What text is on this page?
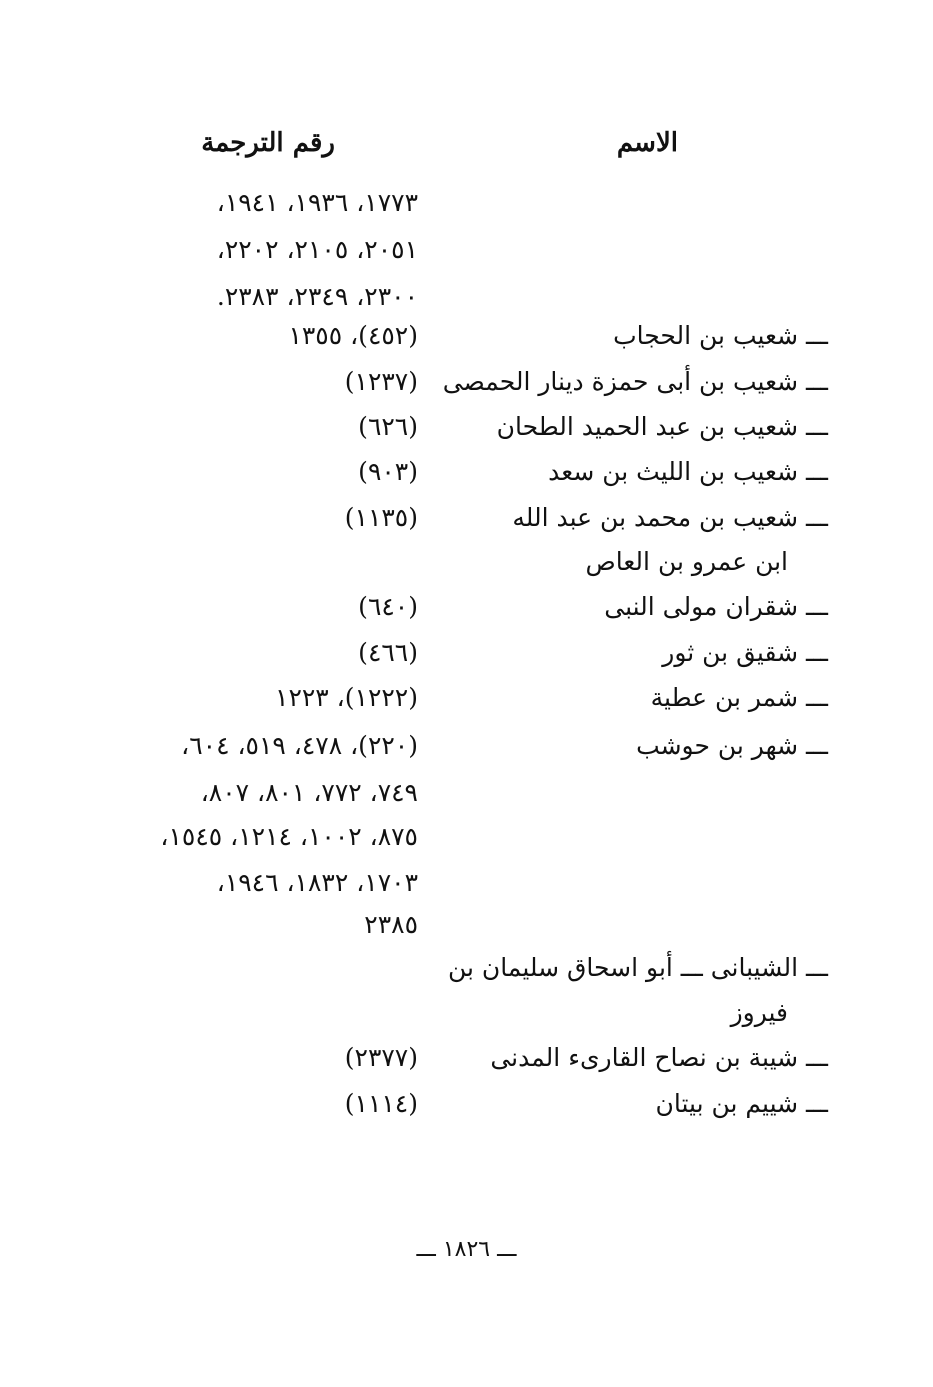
الاسم
رقم الترجمة
١٧٧٣، ١٩٣٦، ١٩٤١،
٢٠٥١، ٢١٠٥، ٢٢٠٢،
٢٣٠٠، ٢٣٤٩، ٢٣٨٣.
ـــ شعيب بن الحجاب
(٤٥٢)، ١٣٥٥
ـــ شعيب بن أبى حمزة دينار الحمصى
(١٢٣٧)
ـــ شعيب بن عبد الحميد الطحان
(٦٢٦)
ـــ شعيب بن الليث بن سعد
(٩٠٣)
ـــ شعيب بن محمد بن عبد الله
(١١٣٥)
ابن عمرو بن العاص
ـــ شقران مولى النبى
(٦٤٠)
ـــ شقيق بن ثور
(٤٦٦)
ـــ شمر بن عطية
(١٢٢٢)، ١٢٢٣
ـــ شهر بن حوشب
(٢٢٠)، ٤٧٨، ٥١٩، ٦٠٤،
٧٤٩، ٧٧٢، ٨٠١، ٨٠٧،
٨٧٥، ١٠٠٢، ١٢١٤، ١٥٤٥،
١٧٠٣، ١٨٣٢، ١٩٤٦،
٢٣٨٥
ـــ الشيبانى ـــ أبو اسحاق سليمان بن
فيروز
ـــ شيبة بن نصاح القارىء المدنى
(٢٣٧٧)
ـــ شييم بن بيتان
(١١١٤)
ـــ ١٨٢٦ ـــ
